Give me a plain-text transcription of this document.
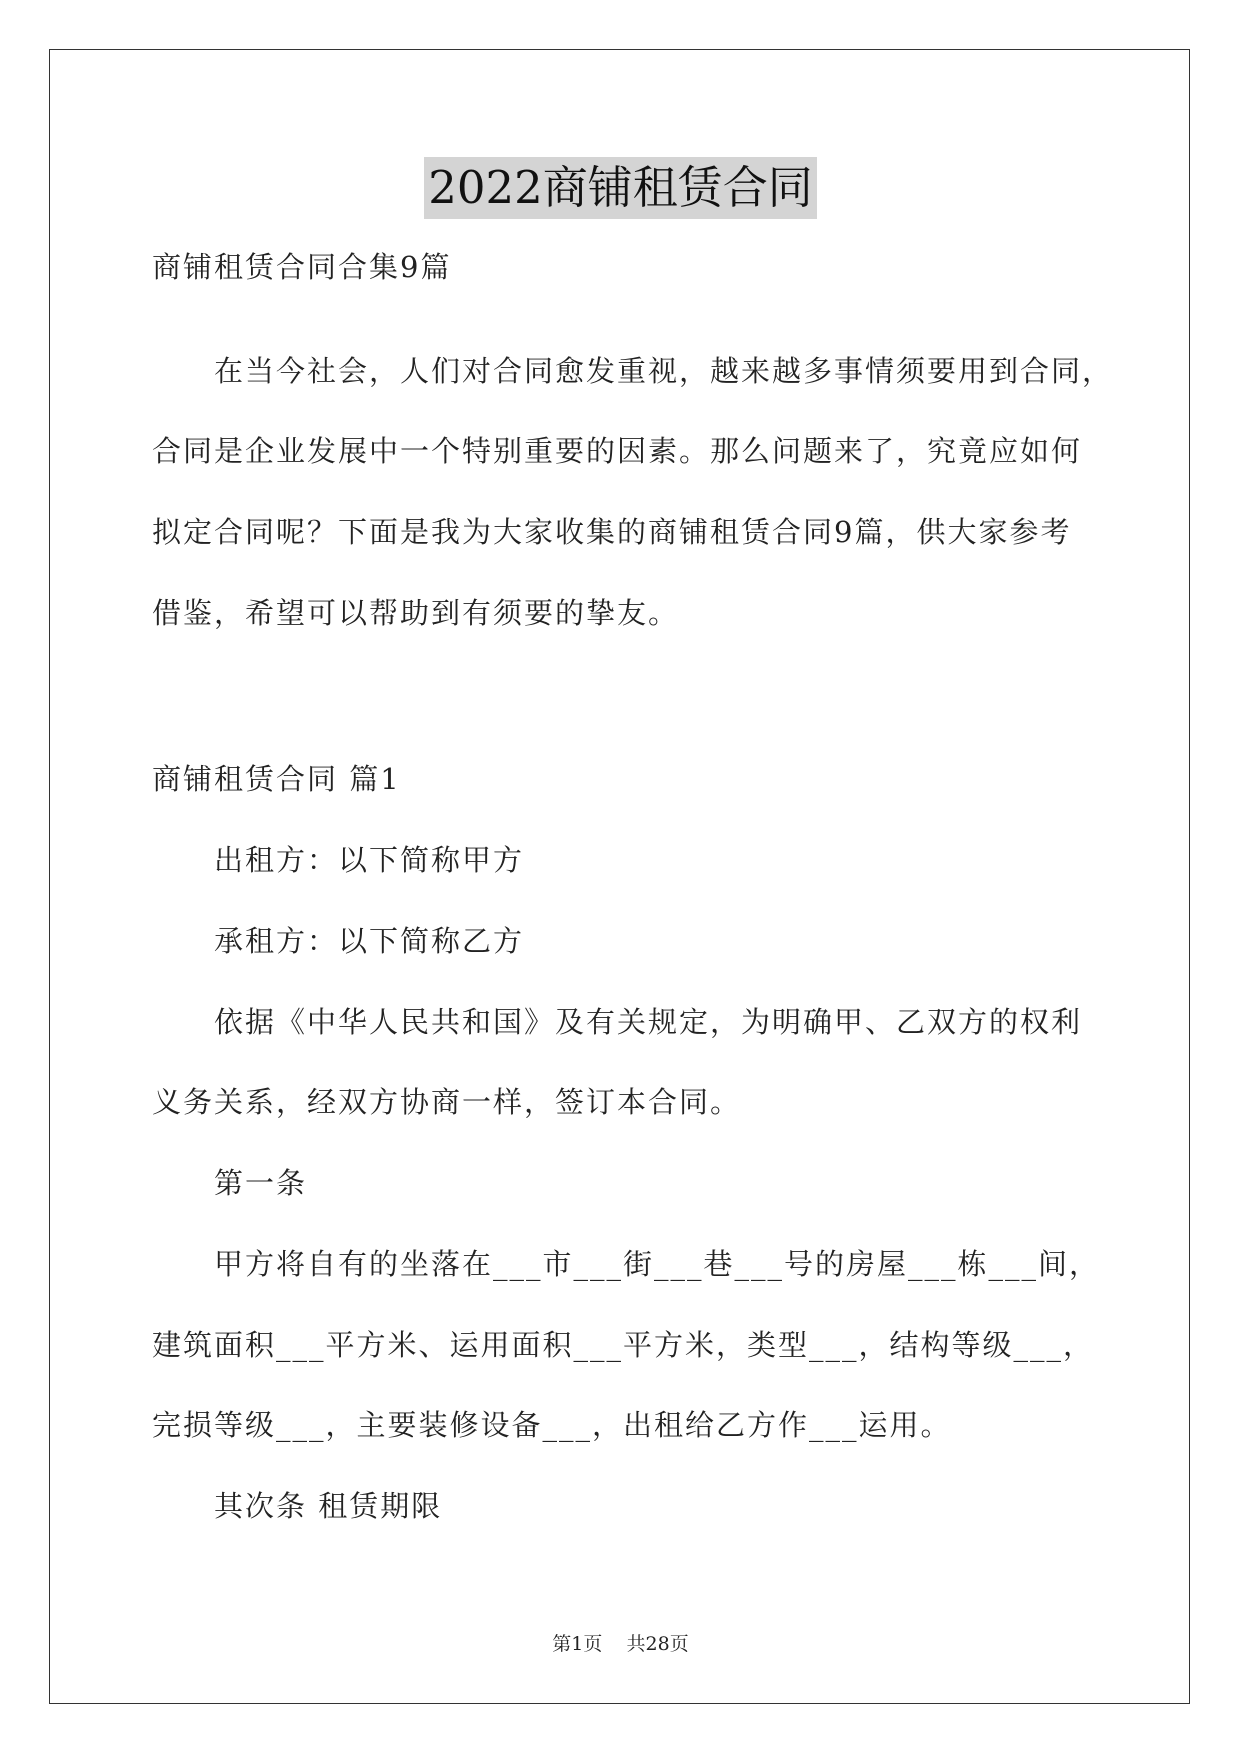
2022商铺租赁合同
商铺租赁合同合集9篇
在当今社会，人们对合同愈发重视，越来越多事情须要用到合同，
合同是企业发展中一个特别重要的因素。那么问题来了，究竟应如何
拟定合同呢？下面是我为大家收集的商铺租赁合同9篇，供大家参考
借鉴，希望可以帮助到有须要的挚友。
商铺租赁合同 篇1
出租方：以下简称甲方
承租方：以下简称乙方
依据《中华人民共和国》及有关规定，为明确甲、乙双方的权利
义务关系，经双方协商一样，签订本合同。
第一条
甲方将自有的坐落在___市___街___巷___号的房屋___栋___间，
建筑面积___平方米、运用面积___平方米，类型___，结构等级___，
完损等级___，主要装修设备___，出租给乙方作___运用。
其次条 租赁期限
第1页    共28页
